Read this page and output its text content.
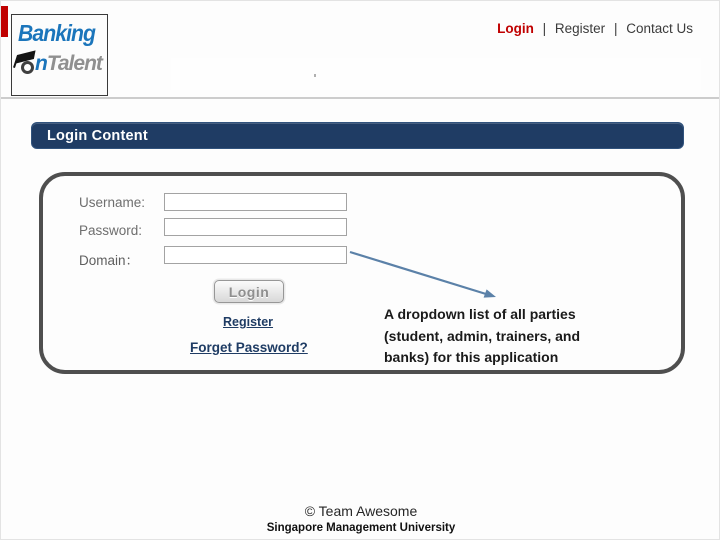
Banking
nTalent
Login | Register | Contact Us
Login Content
Username:
Password:
Domain：
Login
Register
Forget Password?
A dropdown list of all parties
(student, admin, trainers, and
banks) for this application
© Team Awesome
Singapore Management University
